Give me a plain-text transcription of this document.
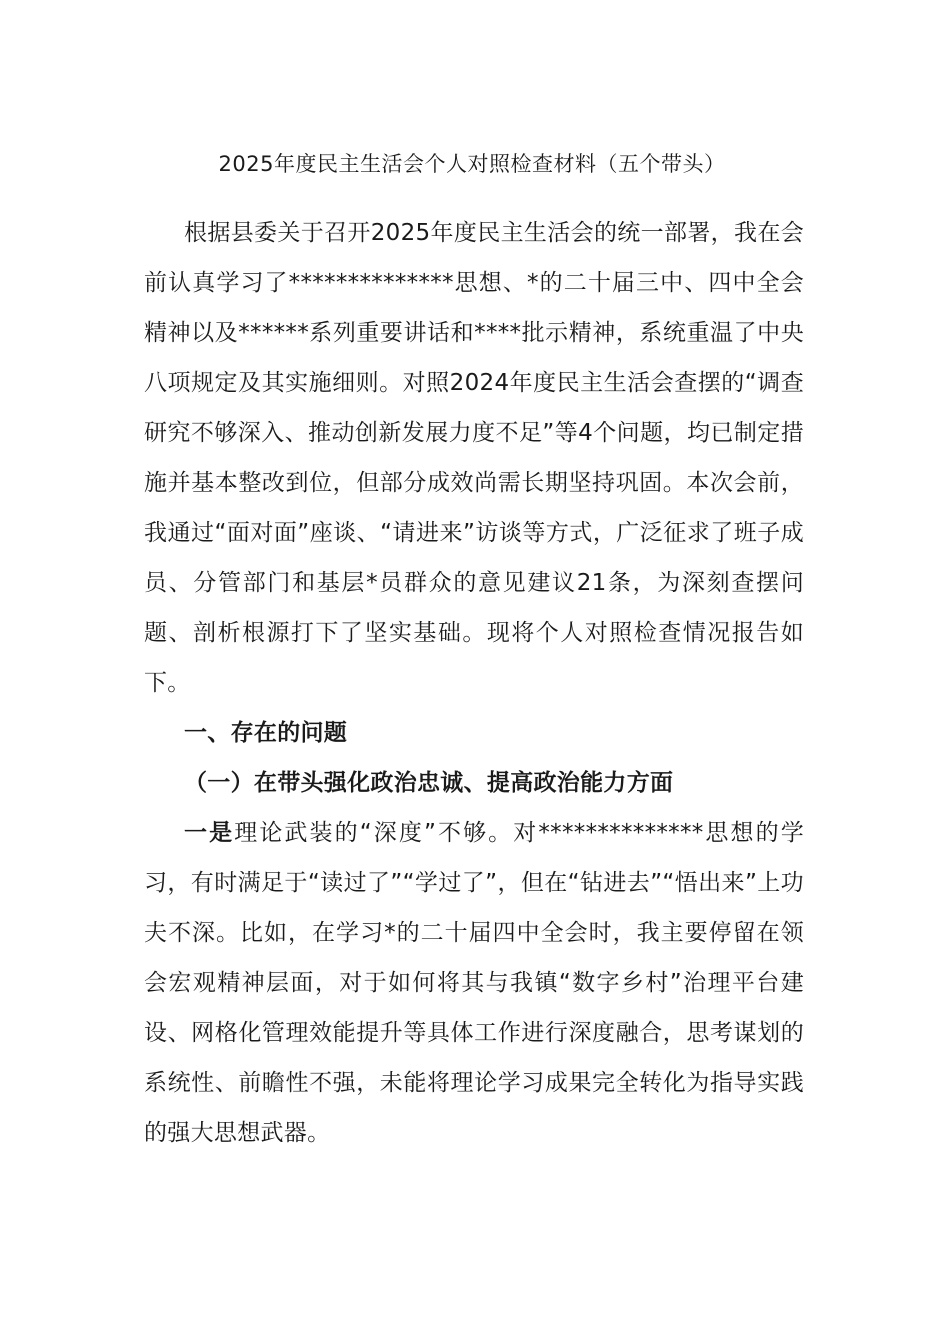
2025年度民主生活会个人对照检查材料（五个带头）

根据县委关于召开2025年度民主生活会的统一部署，我在会前认真学习了**************思想、*的二十届三中、四中全会精神以及******系列重要讲话和****批示精神，系统重温了中央八项规定及其实施细则。对照2024年度民主生活会查摆的“调查研究不够深入、推动创新发展力度不足”等4个问题，均已制定措施并基本整改到位，但部分成效尚需长期坚持巩固。本次会前，我通过“面对面”座谈、“请进来”访谈等方式，广泛征求了班子成员、分管部门和基层*员群众的意见建议21条，为深刻查摆问题、剖析根源打下了坚实基础。现将个人对照检查情况报告如下。

一、存在的问题

（一）在带头强化政治忠诚、提高政治能力方面

一是理论武装的“深度”不够。对**************思想的学习，有时满足于“读过了”“学过了”，但在“钻进去”“悟出来”上功夫不深。比如，在学习*的二十届四中全会时，我主要停留在领会宏观精神层面，对于如何将其与我镇“数字乡村”治理平台建设、网格化管理效能提升等具体工作进行深度融合，思考谋划的系统性、前瞻性不强，未能将理论学习成果完全转化为指导实践的强大思想武器。
